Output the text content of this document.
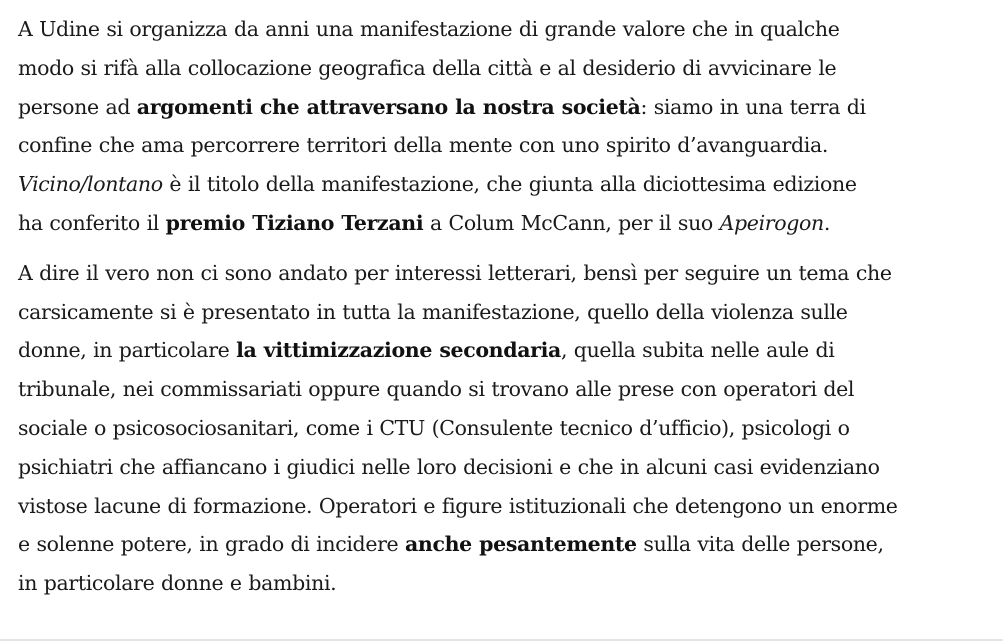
A Udine si organizza da anni una manifestazione di grande valore che in qualche
modo si rifà alla collocazione geografica della città e al desiderio di avvicinare le
persone ad argomenti che attraversano la nostra società: siamo in una terra di
confine che ama percorrere territori della mente con uno spirito d’avanguardia.
Vicino/lontano è il titolo della manifestazione, che giunta alla diciottesima edizione
ha conferito il premio Tiziano Terzani a Colum McCann, per il suo Apeirogon.

A dire il vero non ci sono andato per interessi letterari, bensì per seguire un tema che
carsicamente si è presentato in tutta la manifestazione, quello della violenza sulle
donne, in particolare la vittimizzazione secondaria, quella subita nelle aule di
tribunale, nei commissariati oppure quando si trovano alle prese con operatori del
sociale o psicosociosanitari, come i CTU (Consulente tecnico d’ufficio), psicologi o
psichiatri che affiancano i giudici nelle loro decisioni e che in alcuni casi evidenziano
vistose lacune di formazione. Operatori e figure istituzionali che detengono un enorme
e solenne potere, in grado di incidere anche pesantemente sulla vita delle persone,
in particolare donne e bambini.
